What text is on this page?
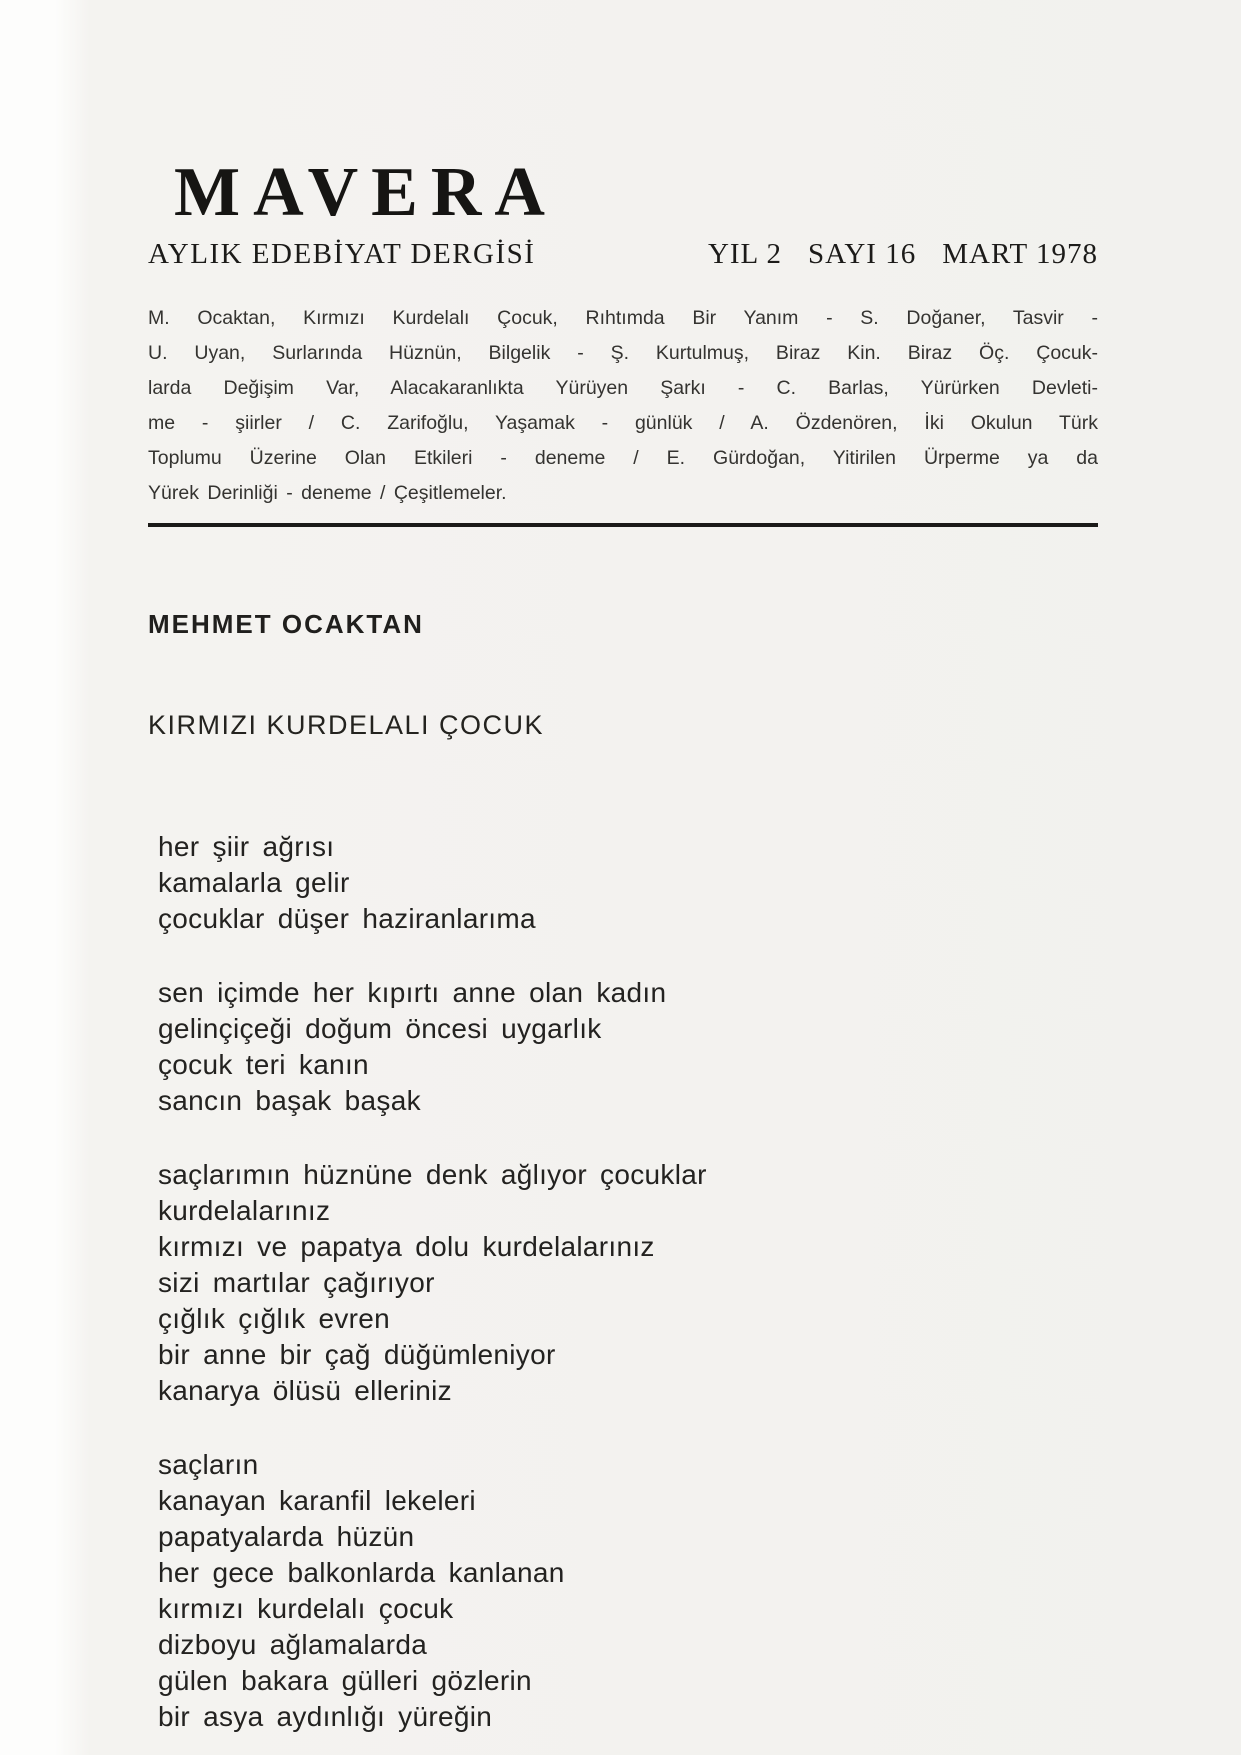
MAVERA
AYLIK EDEBİYAT DERGİSİ	YIL 2 SAYI 16 MART 1978
M. Ocaktan, Kırmızı Kurdelalı Çocuk, Rıhtımda Bir Yanım - S. Doğaner, Tasvir -
U. Uyan, Surlarında Hüznün, Bilgelik - Ş. Kurtulmuş, Biraz Kin. Biraz Öç. Çocuk-
larda Değişim Var, Alacakaranlıkta Yürüyen Şarkı - C. Barlas, Yürürken Devleti-
me - şiirler / C. Zarifoğlu, Yaşamak - günlük / A. Özdenören, İki Okulun Türk
Toplumu Üzerine Olan Etkileri - deneme / E. Gürdoğan, Yitirilen Ürperme ya da
Yürek Derinliği - deneme / Çeşitlemeler.
MEHMET OCAKTAN
KIRMIZI KURDELALI ÇOCUK
her şiir ağrısı
kamalarla gelir
çocuklar düşer haziranlarıma
sen içimde her kıpırtı anne olan kadın
gelinçiçeği doğum öncesi uygarlık
çocuk teri kanın
sancın başak başak
saçlarımın hüznüne denk ağlıyor çocuklar
kurdelalarınız
kırmızı ve papatya dolu kurdelalarınız
sizi martılar çağırıyor
çığlık çığlık evren
bir anne bir çağ düğümleniyor
kanarya ölüsü elleriniz
saçların
kanayan karanfil lekeleri
papatyalarda hüzün
her gece balkonlarda kanlanan
kırmızı kurdelalı çocuk
dizboyu ağlamalarda
gülen bakara gülleri gözlerin
bir asya aydınlığı yüreğin
